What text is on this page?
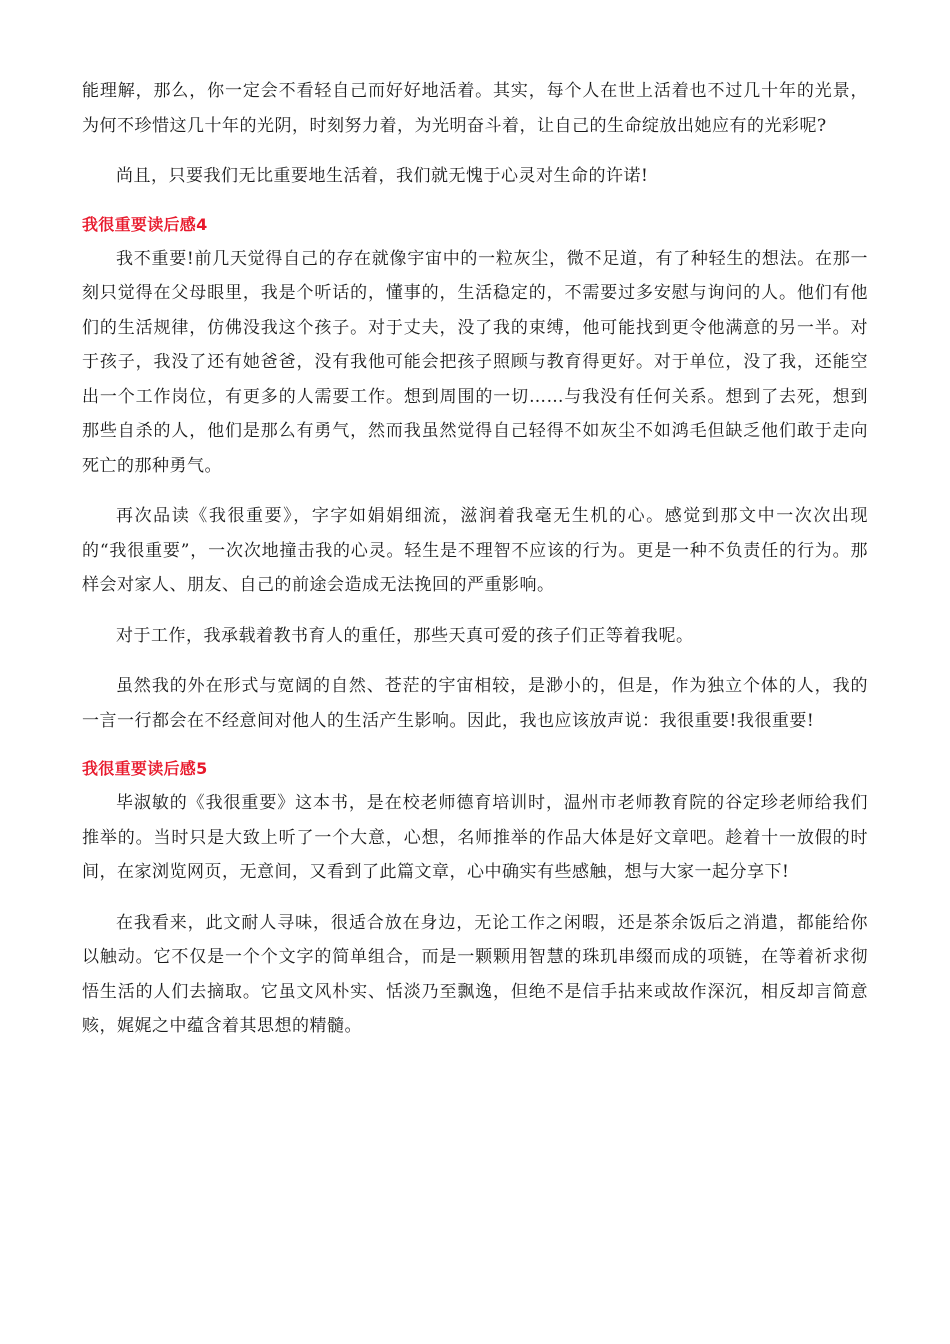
能理解，那么，你一定会不看轻自己而好好地活着。其实，每个人在世上活着也不过几十年的光景，为何不珍惜这几十年的光阴，时刻努力着，为光明奋斗着，让自己的生命绽放出她应有的光彩呢?

尚且，只要我们无比重要地生活着，我们就无愧于心灵对生命的许诺!

我很重要读后感4

我不重要!前几天觉得自己的存在就像宇宙中的一粒灰尘，微不足道，有了种轻生的想法。在那一刻只觉得在父母眼里，我是个听话的，懂事的，生活稳定的，不需要过多安慰与询问的人。他们有他们的生活规律，仿佛没我这个孩子。对于丈夫，没了我的束缚，他可能找到更令他满意的另一半。对于孩子，我没了还有她爸爸，没有我他可能会把孩子照顾与教育得更好。对于单位，没了我，还能空出一个工作岗位，有更多的人需要工作。想到周围的一切……与我没有任何关系。想到了去死，想到那些自杀的人，他们是那么有勇气，然而我虽然觉得自己轻得不如灰尘不如鸿毛但缺乏他们敢于走向死亡的那种勇气。

再次品读《我很重要》，字字如娟娟细流，滋润着我毫无生机的心。感觉到那文中一次次出现的“我很重要”，一次次地撞击我的心灵。轻生是不理智不应该的行为。更是一种不负责任的行为。那样会对家人、朋友、自己的前途会造成无法挽回的严重影响。

对于工作，我承载着教书育人的重任，那些天真可爱的孩子们正等着我呢。

虽然我的外在形式与宽阔的自然、苍茫的宇宙相较，是渺小的，但是，作为独立个体的人，我的一言一行都会在不经意间对他人的生活产生影响。因此，我也应该放声说：我很重要!我很重要!

我很重要读后感5

毕淑敏的《我很重要》这本书，是在校老师德育培训时，温州市老师教育院的谷定珍老师给我们推举的。当时只是大致上听了一个大意，心想，名师推举的作品大体是好文章吧。趁着十一放假的时间，在家浏览网页，无意间，又看到了此篇文章，心中确实有些感触，想与大家一起分享下!

在我看来，此文耐人寻味，很适合放在身边，无论工作之闲暇，还是茶余饭后之消遣，都能给你以触动。它不仅是一个个文字的简单组合，而是一颗颗用智慧的珠玑串缀而成的项链，在等着祈求彻悟生活的人们去摘取。它虽文风朴实、恬淡乃至飘逸，但绝不是信手拈来或故作深沉，相反却言简意赅，娓娓之中蕴含着其思想的精髓。
